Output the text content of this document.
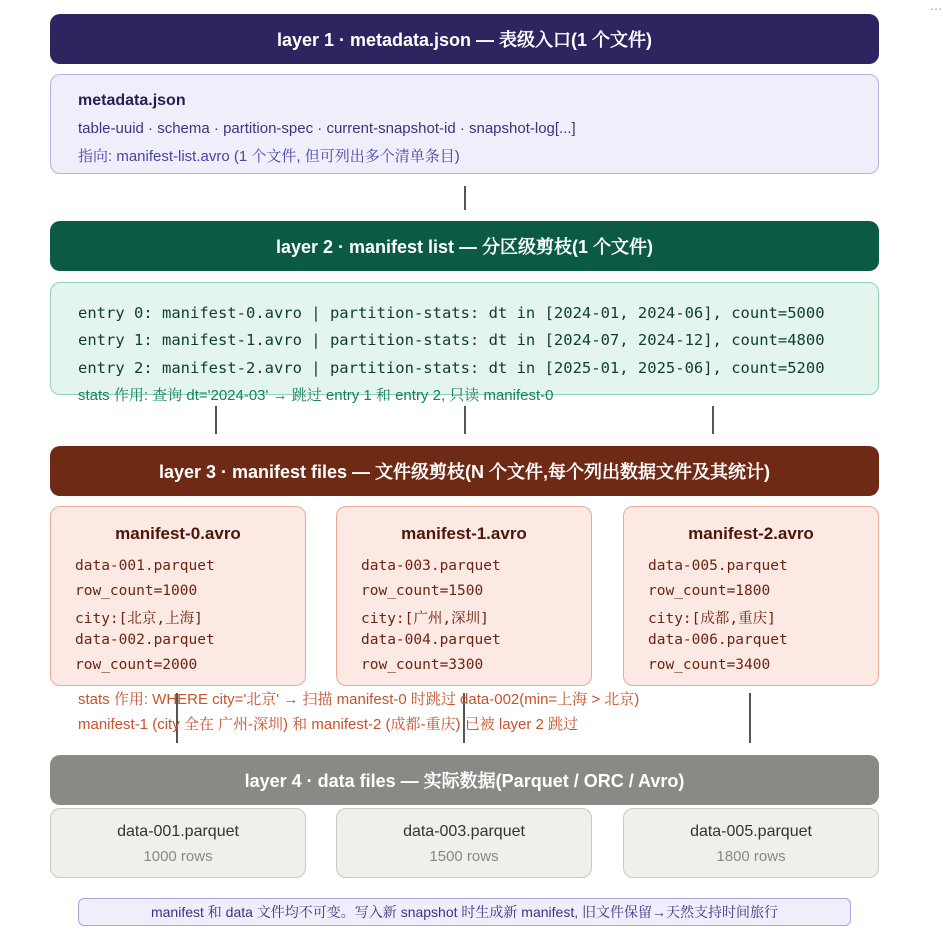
⋯
layer 1 · metadata.json — 表级入口(1 个文件)
metadata.json
table-uuid · schema · partition-spec · current-snapshot-id · snapshot-log[...]
指向: manifest-list.avro (1 个文件, 但可列出多个清单条目)
layer 2 · manifest list — 分区级剪枝(1 个文件)
entry 0: manifest-0.avro | partition-stats: dt in [2024-01, 2024-06], count=5000
entry 1: manifest-1.avro | partition-stats: dt in [2024-07, 2024-12], count=4800
entry 2: manifest-2.avro | partition-stats: dt in [2025-01, 2025-06], count=5200
stats 作用: 查询 dt='2024-03' → 跳过 entry 1 和 entry 2, 只读 manifest-0
layer 3 · manifest files — 文件级剪枝(N 个文件,每个列出数据文件及其统计)
manifest-0.avro
data-001.parquet
row_count=1000
city:[北京,上海]
data-002.parquet
row_count=2000
manifest-1.avro
data-003.parquet
row_count=1500
city:[广州,深圳]
data-004.parquet
row_count=3300
manifest-2.avro
data-005.parquet
row_count=1800
city:[成都,重庆]
data-006.parquet
row_count=3400
stats 作用: WHERE city='北京' → 扫描 manifest-0 时跳过 data-002(min=上海 > 北京)
manifest-1 (city 全在 广州-深圳) 和 manifest-2 (成都-重庆) 已被 layer 2 跳过
layer 4 · data files — 实际数据(Parquet / ORC / Avro)
data-001.parquet
1000 rows
data-003.parquet
1500 rows
data-005.parquet
1800 rows
manifest 和 data 文件均不可变。写入新 snapshot 时生成新 manifest, 旧文件保留→天然支持时间旅行
